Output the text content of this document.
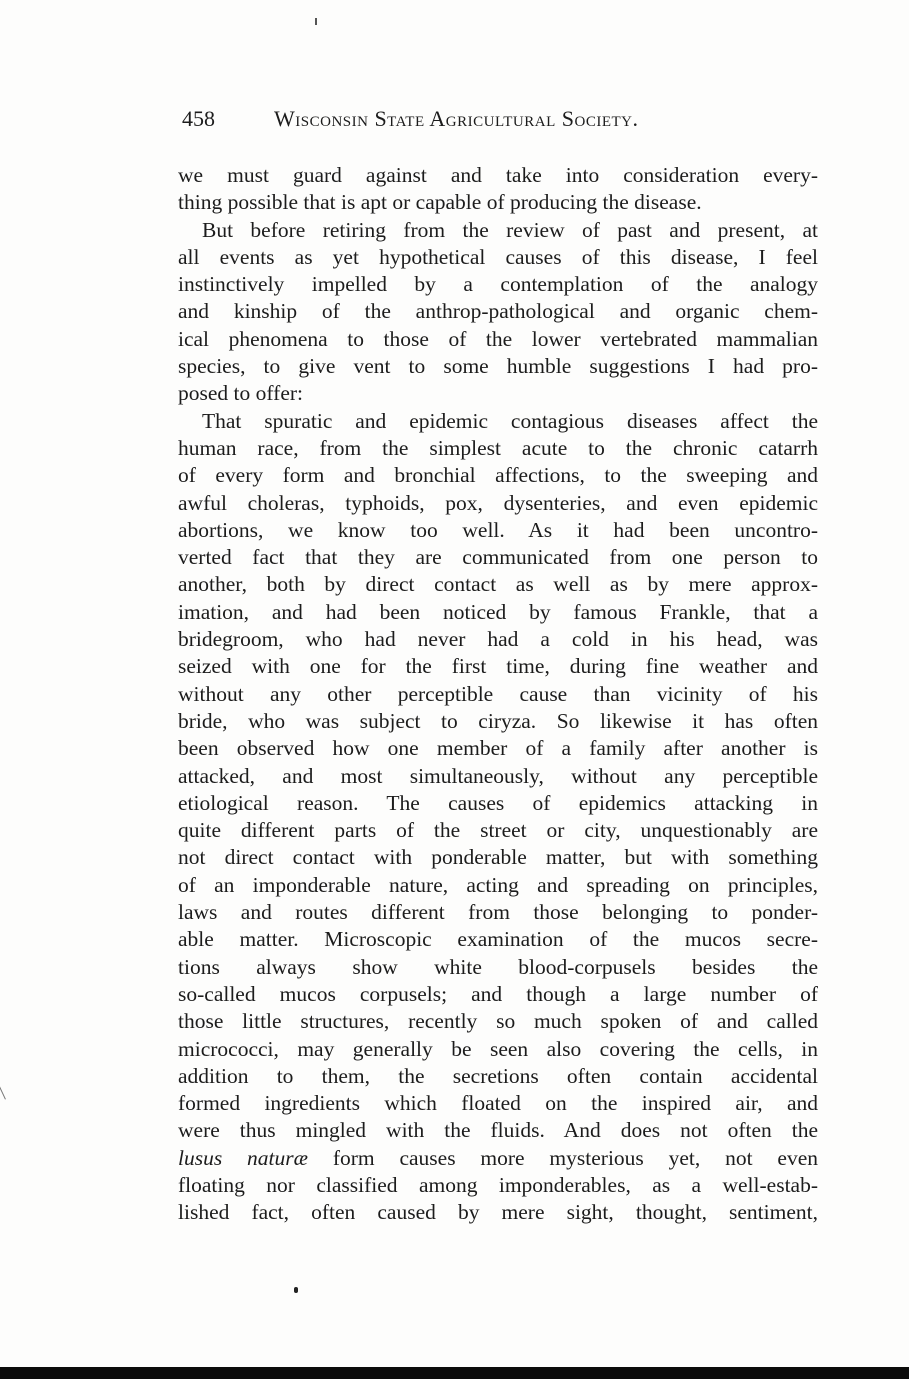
458	Wisconsin State Agricultural Society.
we must guard against and take into consideration every-
thing possible that is apt or capable of producing the disease.
But before retiring from the review of past and present, at
all events as yet hypothetical causes of this disease, I feel
instinctively impelled by a contemplation of the analogy
and kinship of the anthrop-pathological and organic chem-
ical phenomena to those of the lower vertebrated mammalian
species, to give vent to some humble suggestions I had pro-
posed to offer:
That spuratic and epidemic contagious diseases affect the
human race, from the simplest acute to the chronic catarrh
of every form and bronchial affections, to the sweeping and
awful choleras, typhoids, pox, dysenteries, and even epidemic
abortions, we know too well. As it had been uncontro-
verted fact that they are communicated from one person to
another, both by direct contact as well as by mere approx-
imation, and had been noticed by famous Frankle, that a
bridegroom, who had never had a cold in his head, was
seized with one for the first time, during fine weather and
without any other perceptible cause than vicinity of his
bride, who was subject to ciryza. So likewise it has often
been observed how one member of a family after another is
attacked, and most simultaneously, without any perceptible
etiological reason. The causes of epidemics attacking in
quite different parts of the street or city, unquestionably are
not direct contact with ponderable matter, but with something
of an imponderable nature, acting and spreading on principles,
laws and routes different from those belonging to ponder-
able matter. Microscopic examination of the mucos secre-
tions always show white blood-corpusels besides the
so-called mucos corpusels; and though a large number of
those little structures, recently so much spoken of and called
micrococci, may generally be seen also covering the cells, in
addition to them, the secretions often contain accidental
formed ingredients which floated on the inspired air, and
were thus mingled with the fluids. And does not often the
lusus naturæ form causes more mysterious yet, not even
floating nor classified among imponderables, as a well-estab-
lished fact, often caused by mere sight, thought, sentiment,
